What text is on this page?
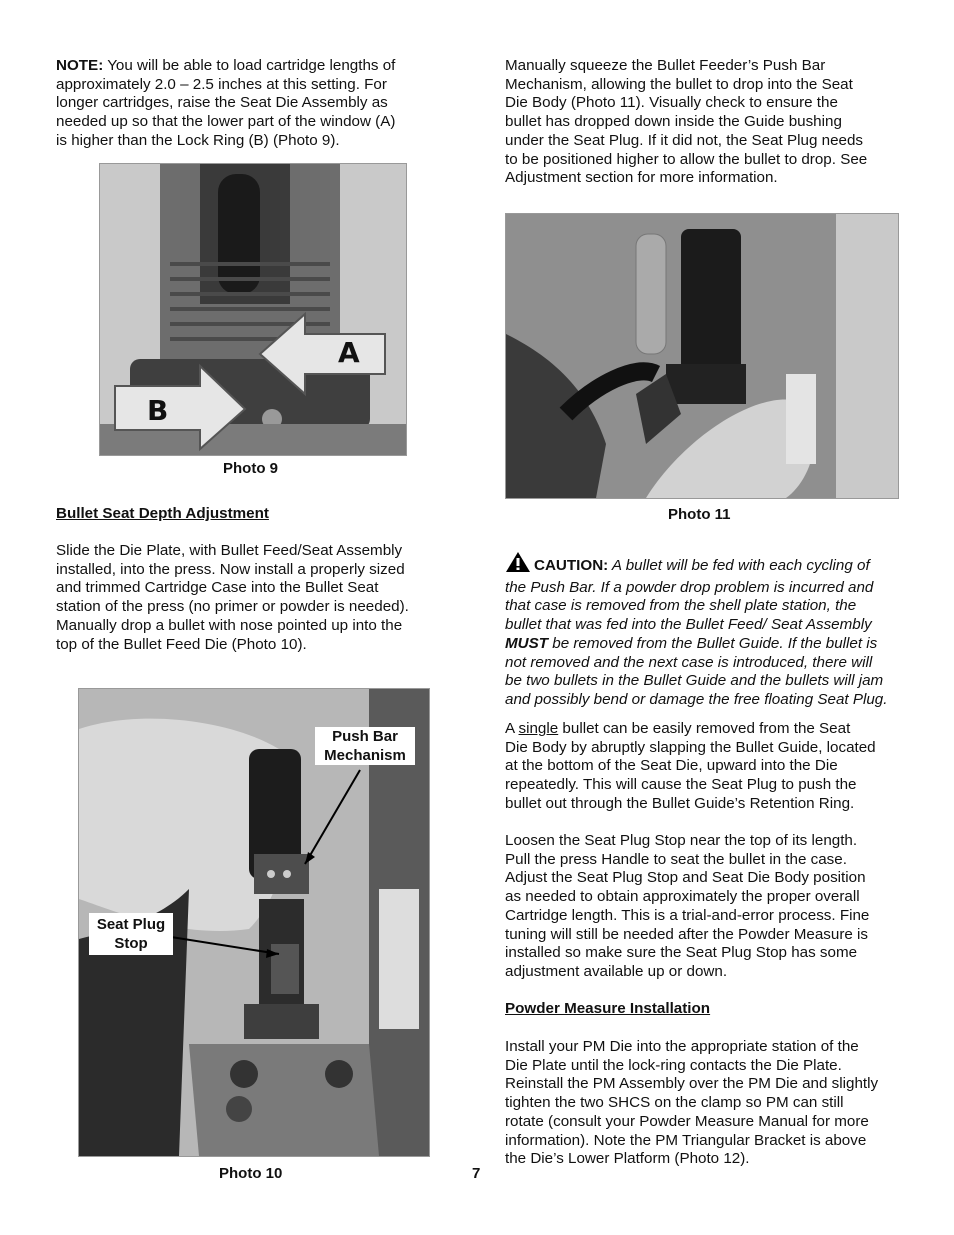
NOTE: You will be able to load cartridge lengths of

approximately 2.0 – 2.5 inches at this setting. For

longer cartridges, raise the Seat Die Assembly as

needed up so that the lower part of the window (A)

is higher than the Lock Ring (B) (Photo 9).

A
B
Photo 9

Bullet Seat Depth Adjustment

Slide the Die Plate, with Bullet Feed/Seat Assembly

installed, into the press. Now install a properly sized

and trimmed Cartridge Case into the Bullet Seat

station of the press (no primer or powder is needed).

Manually drop a bullet with nose pointed up into the

top of the Bullet Feed Die (Photo 10).

Push Bar
Mechanism
Seat Plug
Stop
Photo 10	7

Manually squeeze the Bullet Feeder’s Push Bar

Mechanism, allowing the bullet to drop into the Seat

Die Body (Photo 11). Visually check to ensure the

bullet has dropped down inside the Guide bushing

under the Seat Plug. If it did not, the Seat Plug needs

to be positioned higher to allow the bullet to drop. See

Adjustment section for more information.

Photo 11

CAUTION: A bullet will be fed with each cycling of

the Push Bar. If a powder drop problem is incurred and

that case is removed from the shell plate station, the

bullet that was fed into the Bullet Feed/ Seat Assembly

MUST be removed from the Bullet Guide. If the bullet is

not removed and the next case is introduced, there will

be two bullets in the Bullet Guide and the bullets will jam

and possibly bend or damage the free floating Seat Plug.

A single bullet can be easily removed from the Seat

Die Body by abruptly slapping the Bullet Guide, located

at the bottom of the Seat Die, upward into the Die

repeatedly. This will cause the Seat Plug to push the

bullet out through the Bullet Guide’s Retention Ring.

Loosen the Seat Plug Stop near the top of its length.

Pull the press Handle to seat the bullet in the case.

Adjust the Seat Plug Stop and Seat Die Body position

as needed to obtain approximately the proper overall

Cartridge length. This is a trial-and-error process. Fine

tuning will still be needed after the Powder Measure is

installed so make sure the Seat Plug Stop has some

adjustment available up or down.

Powder Measure Installation

Install your PM Die into the appropriate station of the

Die Plate until the lock-ring contacts the Die Plate.

Reinstall the PM Assembly over the PM Die and slightly

tighten the two SHCS on the clamp so PM can still

rotate (consult your Powder Measure Manual for more

information). Note the PM Triangular Bracket is above

the Die’s Lower Platform (Photo 12).
